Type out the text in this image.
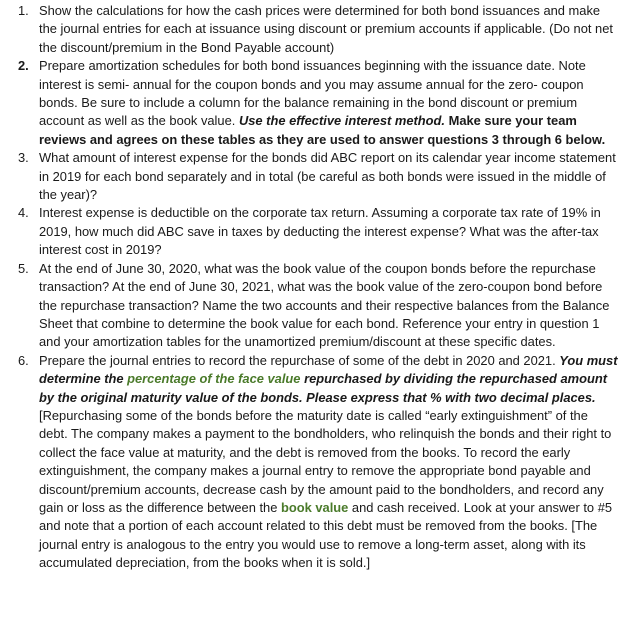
1. Show the calculations for how the cash prices were determined for both bond issuances and make the journal entries for each at issuance using discount or premium accounts if applicable. (Do not net the discount/premium in the Bond Payable account)
2. Prepare amortization schedules for both bond issuances beginning with the issuance date. Note interest is semi- annual for the coupon bonds and you may assume annual for the zero- coupon bonds. Be sure to include a column for the balance remaining in the bond discount or premium account as well as the book value. Use the effective interest method. Make sure your team reviews and agrees on these tables as they are used to answer questions 3 through 6 below.
3. What amount of interest expense for the bonds did ABC report on its calendar year income statement in 2019 for each bond separately and in total (be careful as both bonds were issued in the middle of the year)?
4. Interest expense is deductible on the corporate tax return. Assuming a corporate tax rate of 19% in 2019, how much did ABC save in taxes by deducting the interest expense? What was the after-tax interest cost in 2019?
5. At the end of June 30, 2020, what was the book value of the coupon bonds before the repurchase transaction? At the end of June 30, 2021, what was the book value of the zero-coupon bond before the repurchase transaction? Name the two accounts and their respective balances from the Balance Sheet that combine to determine the book value for each bond. Reference your entry in question 1 and your amortization tables for the unamortized premium/discount at these specific dates.
6. Prepare the journal entries to record the repurchase of some of the debt in 2020 and 2021. You must determine the percentage of the face value repurchased by dividing the repurchased amount by the original maturity value of the bonds. Please express that % with two decimal places. [Repurchasing some of the bonds before the maturity date is called “early extinguishment” of the debt. The company makes a payment to the bondholders, who relinquish the bonds and their right to collect the face value at maturity, and the debt is removed from the books. To record the early extinguishment, the company makes a journal entry to remove the appropriate bond payable and discount/premium accounts, decrease cash by the amount paid to the bondholders, and record any gain or loss as the difference between the book value and cash received. Look at your answer to #5 and note that a portion of each account related to this debt must be removed from the books. [The journal entry is analogous to the entry you would use to remove a long-term asset, along with its accumulated depreciation, from the books when it is sold.]
